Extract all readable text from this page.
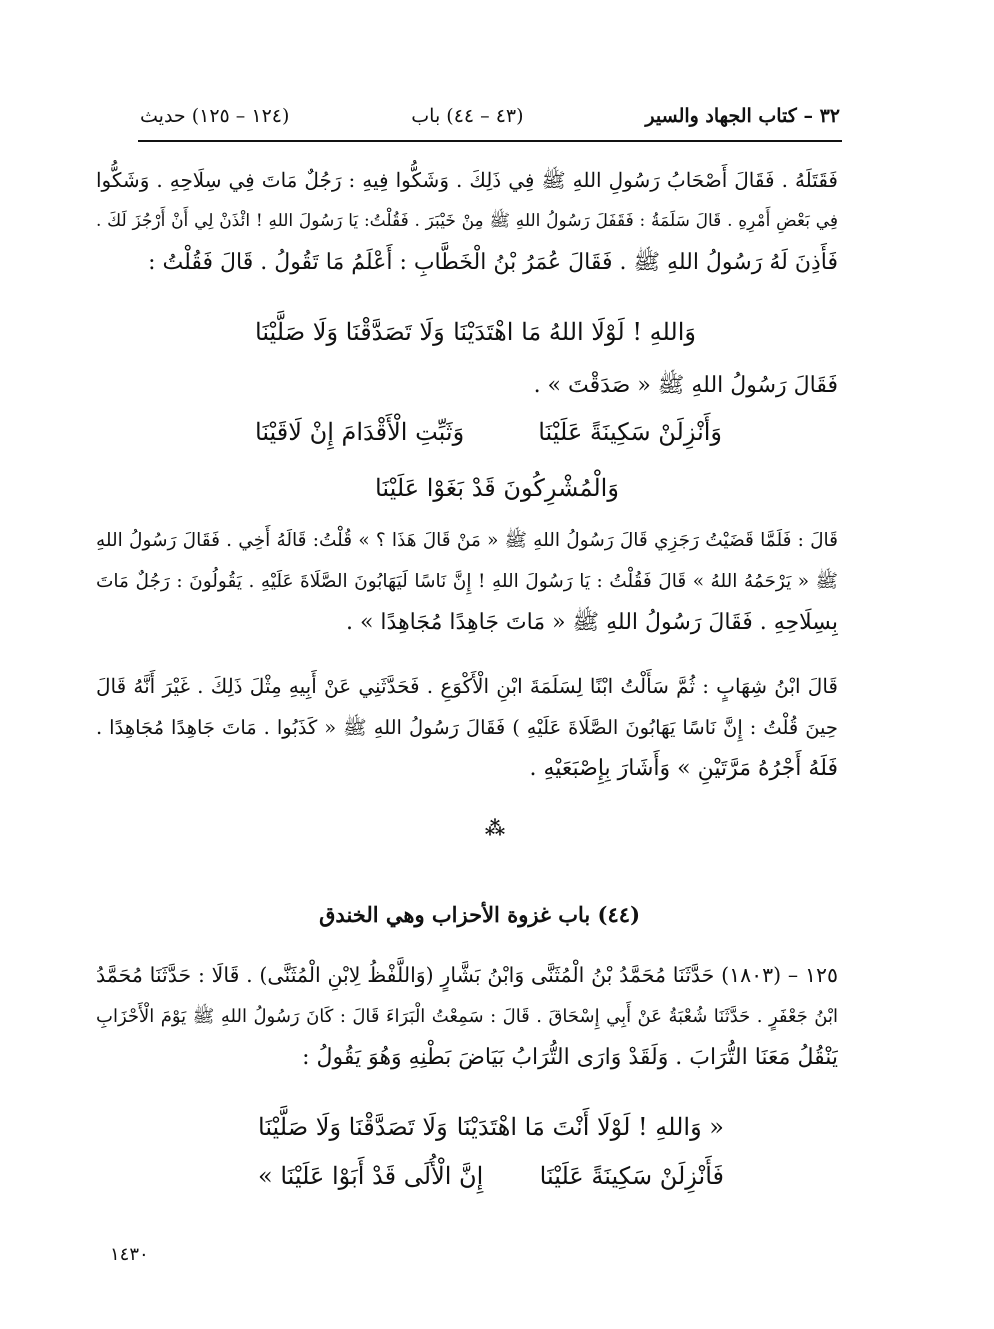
٣٢ – كتاب الجهاد والسير
(٤٣ – ٤٤) باب
(١٢٤ – ١٢٥) حديث
فَقَتَلَهُ . فَقَالَ أَصْحَابُ رَسُولِ اللهِ ﷺ فِي ذَلِكَ . وَشَكُّوا فِيهِ : رَجُلٌ مَاتَ فِي سِلَاحِهِ . وَشَكُّوا
فِي بَعْضِ أَمْرِهِ . قَالَ سَلَمَةُ : فَقَفَلَ رَسُولُ اللهِ ﷺ مِنْ خَيْبَرَ . فَقُلْتُ: يَا رَسُولَ اللهِ ! ائْذَنْ لِي أَنْ أَرْجُزَ لَكَ .
فَأَذِنَ لَهُ رَسُولُ اللهِ ﷺ . فَقَالَ عُمَرُ بْنُ الْخَطَّابِ : أَعْلَمُ مَا تَقُولُ . قَالَ فَقُلْتُ :
وَاللهِ ! لَوْلَا اللهُ مَا اهْتَدَيْنَا
وَلَا تَصَدَّقْنَا وَلَا صَلَّيْنَا
فَقَالَ رَسُولُ اللهِ ﷺ « صَدَقْتَ » .
وَأَنْزِلَنْ سَكِينَةً عَلَيْنَا
وَثَبِّتِ الْأَقْدَامَ إِنْ لَاقَيْنَا
وَالْمُشْرِكُونَ قَدْ بَغَوْا عَلَيْنَا
قَالَ : فَلَمَّا قَضَيْتُ رَجَزِي قَالَ رَسُولُ اللهِ ﷺ « مَنْ قَالَ هَذَا ؟ » قُلْتُ: قَالَهُ أَخِي . فَقَالَ رَسُولُ اللهِ
ﷺ « يَرْحَمُهُ اللهُ » قَالَ فَقُلْتُ : يَا رَسُولَ اللهِ ! إِنَّ نَاسًا لَيَهَابُونَ الصَّلَاةَ عَلَيْهِ . يَقُولُونَ : رَجُلٌ مَاتَ
بِسِلَاحِهِ . فَقَالَ رَسُولُ اللهِ ﷺ « مَاتَ جَاهِدًا مُجَاهِدًا » .
قَالَ ابْنُ شِهَابٍ : ثُمَّ سَأَلْتُ ابْنًا لِسَلَمَةَ ابْنِ الْأَكْوَعِ . فَحَدَّثَنِي عَنْ أَبِيهِ مِثْلَ ذَلِكَ . غَيْرَ أَنَّهُ قَالَ
حِينَ قُلْتُ : إِنَّ نَاسًا يَهَابُونَ الصَّلَاةَ عَلَيْهِ ) فَقَالَ رَسُولُ اللهِ ﷺ « كَذَبُوا . مَاتَ جَاهِدًا مُجَاهِدًا .
فَلَهُ أَجْرُهُ مَرَّتَيْنِ » وَأَشَارَ بِإِصْبَعَيْهِ .
⁂
(٤٤) باب غزوة الأحزاب وهي الخندق
١٢٥ – (١٨٠٣) حَدَّثَنَا مُحَمَّدُ بْنُ الْمُثَنَّى وَابْنُ بَشَّارٍ (وَاللَّفْظُ لِابْنِ الْمُثَنَّى) . قَالَا : حَدَّثَنَا مُحَمَّدُ
ابْنُ جَعْفَرٍ . حَدَّثَنَا شُعْبَةُ عَنْ أَبِي إِسْحَاقَ . قَالَ : سَمِعْتُ الْبَرَاءَ قَالَ : كَانَ رَسُولُ اللهِ ﷺ يَوْمَ الْأَحْزَابِ
يَنْقُلُ مَعَنَا التُّرَابَ . وَلَقَدْ وَارَى التُّرَابُ بَيَاضَ بَطْنِهِ وَهُوَ يَقُولُ :
« وَاللهِ ! لَوْلَا أَنْتَ مَا اهْتَدَيْنَا
وَلَا تَصَدَّقْنَا وَلَا صَلَّيْنَا
فَأَنْزِلَنْ سَكِينَةً عَلَيْنَا
إِنَّ الْأُلَى قَدْ أَبَوْا عَلَيْنَا »
١٤٣٠
